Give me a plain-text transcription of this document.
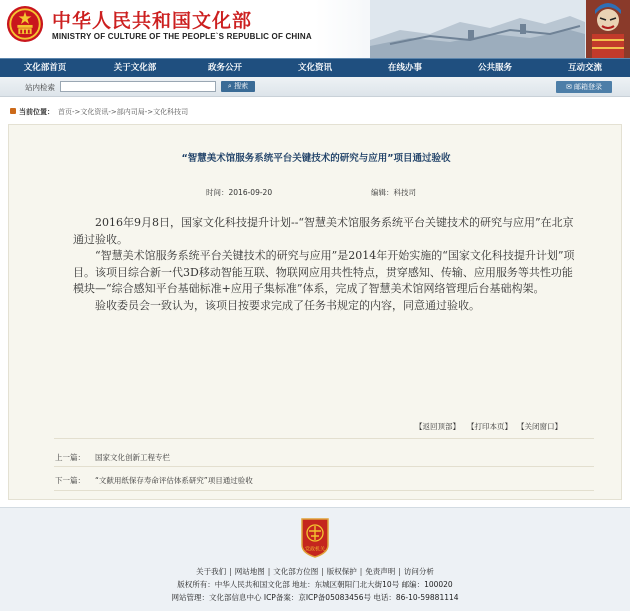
中华人民共和国文化部
MINISTRY OF CULTURE OF THE PEOPLE`S REPUBLIC OF CHINA
文化部首页	关于文化部	政务公开	文化资讯	在线办事	公共服务	互动交流
站内检索	⌕ 搜索	✉ 邮箱登录
当前位置： 首页->文化资讯->部内司局->文化科技司
“智慧美术馆服务系统平台关键技术的研究与应用”项目通过验收
时间：2016-09-20	编辑：科技司

2016年9月8日，国家文化科技提升计划--“智慧美术馆服务系统平台关键技术的研究与应用”在北京通过验收。

“智慧美术馆服务系统平台关键技术的研究与应用”是2014年开始实施的“国家文化科技提升计划”项目。该项目综合新一代3D移动智能互联、物联网应用共性特点，贯穿感知、传输、应用服务等共性功能模块—“综合感知平台基础标准+应用子集标准”体系，完成了智慧美术馆网络管理后台基础构架。

验收委员会一致认为，该项目按要求完成了任务书规定的内容，同意通过验收。

【返回顶部】 【打印本页】 【关闭窗口】
上一篇： 国家文化创新工程专栏
下一篇： “文献用纸保存寿命评估体系研究”项目通过验收
党政机关
关于我们 | 网站地图 | 文化部方位图 | 版权保护 | 免责声明 | 访问分析
版权所有：中华人民共和国文化部 地址：东城区朝阳门北大街10号 邮编：100020
网站管理：文化部信息中心 ICP备案：京ICP备05083456号 电话：86-10-59881114
